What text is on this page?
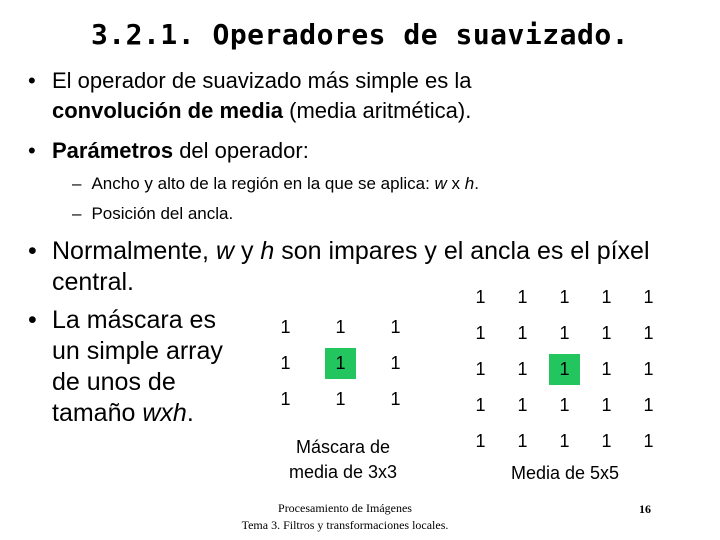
3.2.1. Operadores de suavizado.
• El operador de suavizado más simple es la
convolución de media (media aritmética).
• Parámetros del operador:
– Ancho y alto de la región en la que se aplica: w x h.
– Posición del ancla.
• Normalmente, w y h son impares y el ancla es el píxel
central.
• La máscara es
un simple array
de unos de
tamaño wxh.
1	1	1
1	1	1
1	1	1
Máscara de
media de 3x3
1	1	1	1	1
1	1	1	1	1
1	1	1	1	1
1	1	1	1	1
1	1	1	1	1
Media de 5x5
Procesamiento de Imágenes
Tema 3. Filtros y transformaciones locales.
16
